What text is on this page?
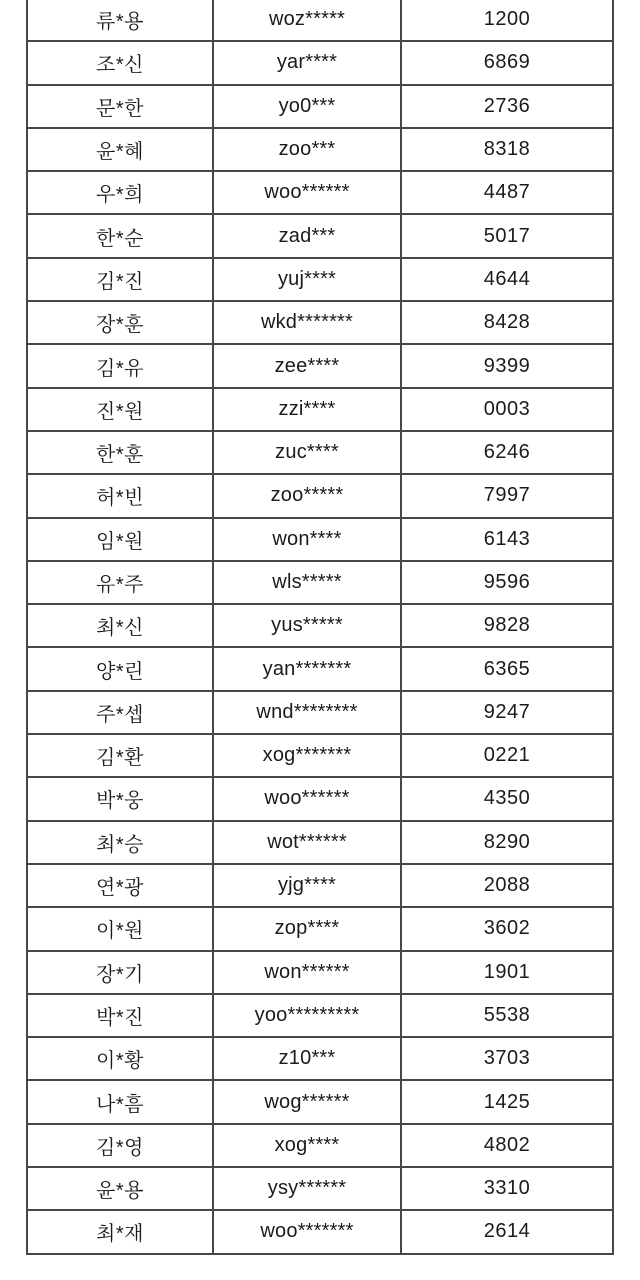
류*용	woz*****	1200
조*신	yar****	6869
문*한	yo0***	2736
윤*혜	zoo***	8318
우*희	woo******	4487
한*순	zad***	5017
김*진	yuj****	4644
장*훈	wkd*******	8428
김*유	zee****	9399
진*원	zzi****	0003
한*훈	zuc****	6246
허*빈	zoo*****	7997
임*원	won****	6143
유*주	wls*****	9596
최*신	yus*****	9828
양*린	yan*******	6365
주*셉	wnd********	9247
김*환	xog*******	0221
박*웅	woo******	4350
최*승	wot******	8290
연*광	yjg****	2088
이*원	zop****	3602
장*기	won******	1901
박*진	yoo*********	5538
이*황	z10***	3703
나*흠	wog******	1425
김*영	xog****	4802
윤*용	ysy******	3310
최*재	woo*******	2614
